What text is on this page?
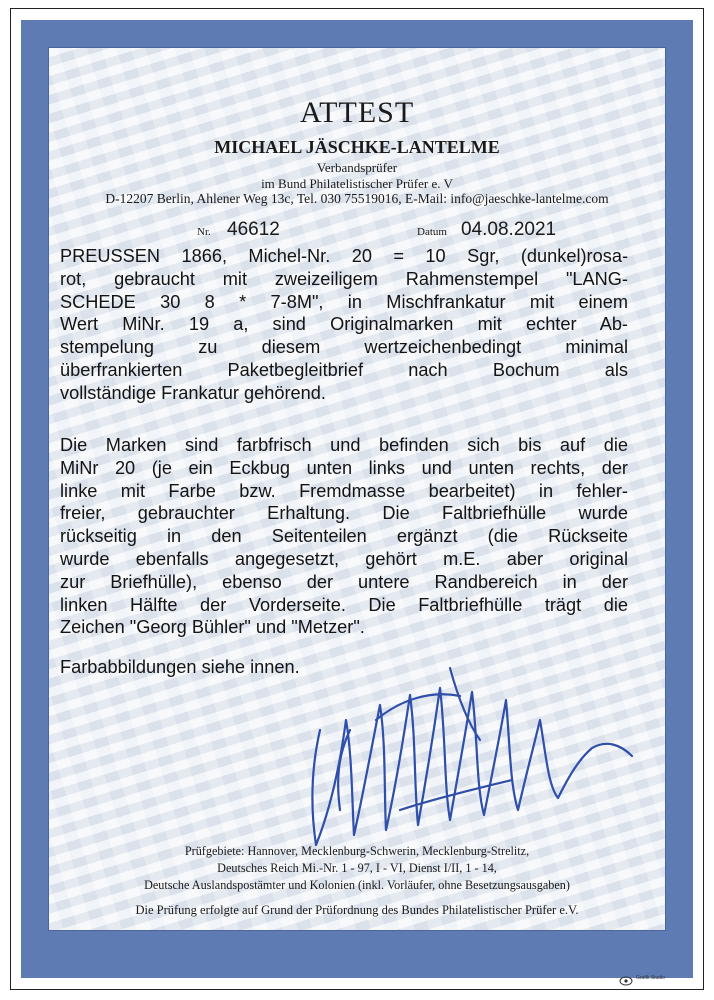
ATTEST
MICHAEL JÄSCHKE-LANTELME
Verbandsprüfer
im Bund Philatelistischer Prüfer e. V
D-12207 Berlin, Ahlener Weg 13c, Tel. 030 75519016, E-Mail: info@jaeschke-lantelme.com
Nr. 46612	Datum 04.08.2021

PREUSSEN 1866, Michel-Nr. 20 = 10 Sgr, (dunkel)rosa-
rot, gebraucht mit zweizeiligem Rahmenstempel "LANG-
SCHEDE 30 8 * 7-8M", in Mischfrankatur mit einem
Wert MiNr. 19 a, sind Originalmarken mit echter Ab-
stempelung zu diesem wertzeichenbedingt minimal
überfrankierten Paketbegleitbrief nach Bochum als
vollständige Frankatur gehörend.

Die Marken sind farbfrisch und befinden sich bis auf die
MiNr 20 (je ein Eckbug unten links und unten rechts, der
linke mit Farbe bzw. Fremdmasse bearbeitet) in fehler-
freier, gebrauchter Erhaltung. Die Faltbriefhülle wurde
rückseitig in den Seitenteilen ergänzt (die Rückseite
wurde ebenfalls angegesetzt, gehört m.E. aber original
zur Briefhülle), ebenso der untere Randbereich in der
linken Hälfte der Vorderseite. Die Faltbriefhülle trägt die
Zeichen "Georg Bühler" und "Metzer".

Farbabbildungen siehe innen.

Prüfgebiete: Hannover, Mecklenburg-Schwerin, Mecklenburg-Strelitz,
Deutsches Reich Mi.-Nr. 1 - 97, I - VI, Dienst I/II, 1 - 14,
Deutsche Auslandspostämter und Kolonien (inkl. Vorläufer, ohne Besetzungsausgaben)
Die Prüfung erfolgte auf Grund der Prüfordnung des Bundes Philatelistischer Prüfer e.V.
Grafik Studio
